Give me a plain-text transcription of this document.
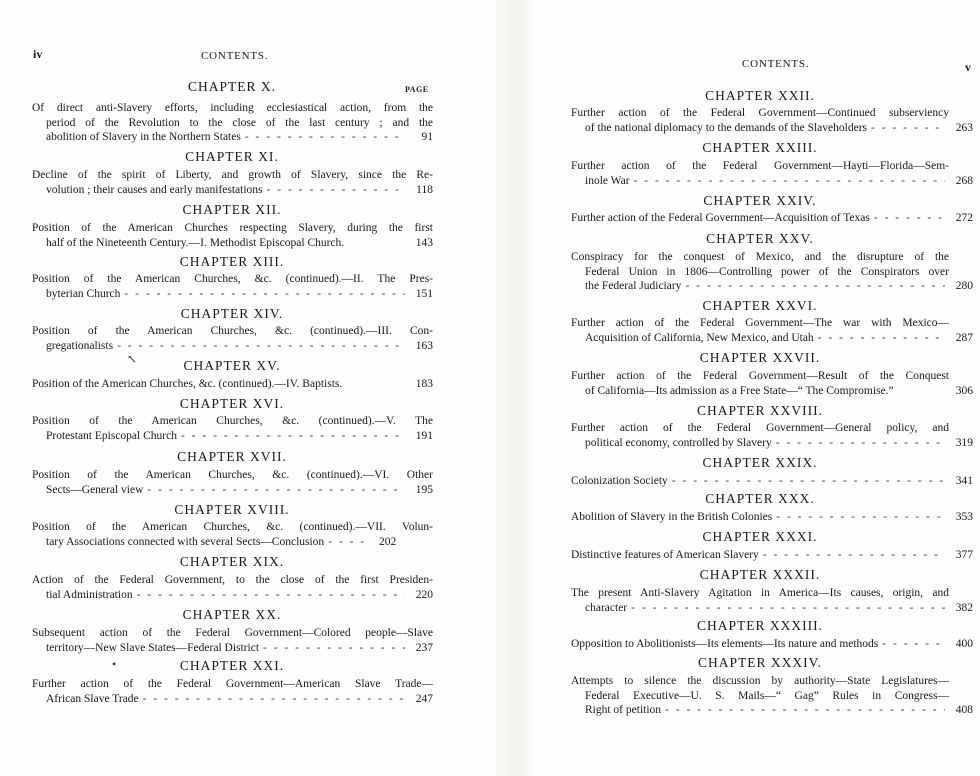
iv	CONTENTS.
PAGE
CHAPTER X.
Of direct anti-Slavery efforts, including ecclesiastical action, from the
period of the Revolution to the close of the last century ; and the
abolition of Slavery in the Northern States - - -	91
CHAPTER XI.
Decline of the spirit of Liberty, and growth of Slavery, since the Re-
volution ; their causes and early manifestations - - -	118
CHAPTER XII.
Position of the American Churches respecting Slavery, during the first
half of the Nineteenth Century.—I. Methodist Episcopal Church.	143
CHAPTER XIII.
Position of the American Churches, &c. (continued).—II. The Pres-
byterian Church - - -	151
CHAPTER XIV.
Position of the American Churches, &c. (continued).—III. Con-
gregationalists - - -	163
↖	CHAPTER XV.
Position of the American Churches, &c. (continued).—IV. Baptists.	183
CHAPTER XVI.
Position of the American Churches, &c. (continued).—V. The
Protestant Episcopal Church - - -	191
CHAPTER XVII.
Position of the American Churches, &c. (continued).—VI. Other
Sects—General view - - -	195
CHAPTER XVIII.
Position of the American Churches, &c. (continued).—VII. Volun-
tary Associations connected with several Sects—Conclusion - - -	202
CHAPTER XIX.
Action of the Federal Government, to the close of the first Presiden-
tial Administration - - -	220
CHAPTER XX.
Subsequent action of the Federal Government—Colored people—Slave
territory—New Slave States—Federal District - - -	237
•	CHAPTER XXI.
Further action of the Federal Government—American Slave Trade—
African Slave Trade - - -	247
CONTENTS.	v
CHAPTER XXII.
Further action of the Federal Government—Continued subserviency
of the national diplomacy to the demands of the Slaveholders - - -	263
CHAPTER XXIII.
Further action of the Federal Government—Hayti—Florida—Sem-
inole War - - -	268
CHAPTER XXIV.
Further action of the Federal Government—Acquisition of Texas - - -	272
CHAPTER XXV.
Conspiracy for the conquest of Mexico, and the disrupture of the
Federal Union in 1806—Controlling power of the Conspirators over
the Federal Judiciary - - -	280
CHAPTER XXVI.
Further action of the Federal Government—The war with Mexico—
Acquisition of California, New Mexico, and Utah - - -	287
CHAPTER XXVII.
Further action of the Federal Government—Result of the Conquest
of California—Its admission as a Free State—“ The Compromise.”	306
CHAPTER XXVIII.
Further action of the Federal Government—General policy, and
political economy, controlled by Slavery - - -	319
CHAPTER XXIX.
Colonization Society - - -	341
CHAPTER XXX.
Abolition of Slavery in the British Colonies - - -	353
CHAPTER XXXI.
Distinctive features of American Slavery - - -	377
CHAPTER XXXII.
The present Anti-Slavery Agitation in America—Its causes, origin, and
character - - -	382
CHAPTER XXXIII.
Opposition to Abolitionists—Its elements—Its nature and methods - - -	400
CHAPTER XXXIV.
Attempts to silence the discussion by authority—State Legislatures—
Federal Executive—U. S. Mails—“ Gag” Rules in Congress—
Right of petition - - -	408
